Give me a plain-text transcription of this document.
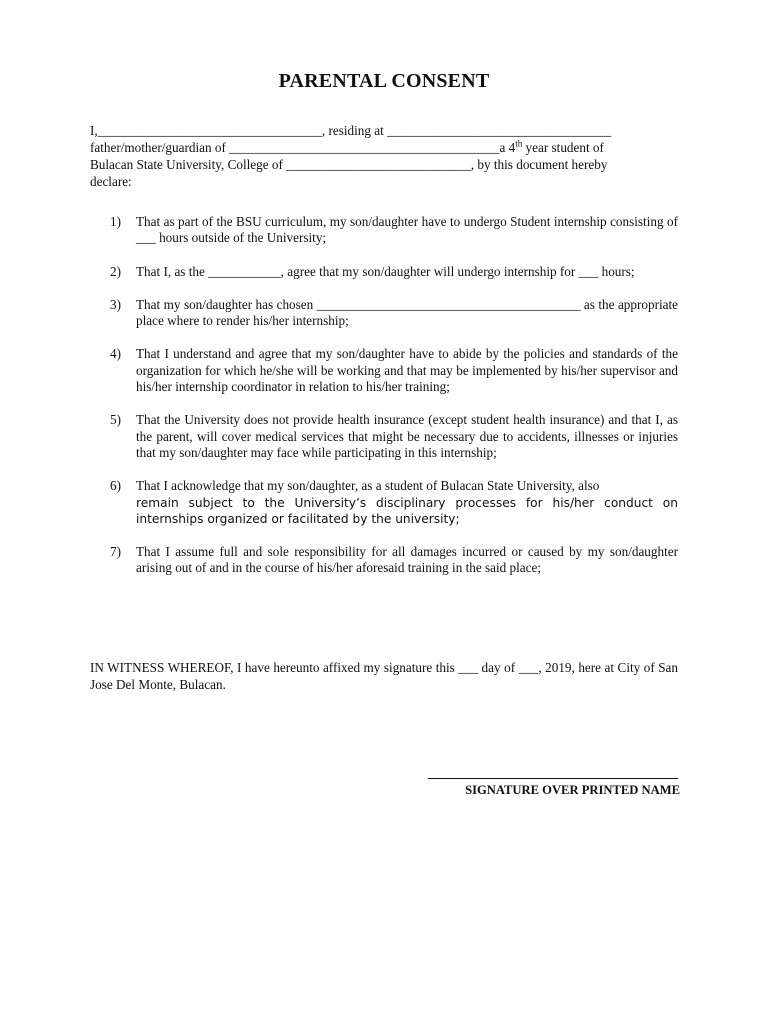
PARENTAL CONSENT
I,__________________________________, residing at __________________________________
father/mother/guardian of _________________________________________a 4th year student of
Bulacan State University, College of ____________________________, by this document hereby
declare:
1) That as part of the BSU curriculum, my son/daughter have to undergo Student internship consisting of ___ hours outside of the University;
2) That I, as the ___________, agree that my son/daughter will undergo internship for ___ hours;
3) That my son/daughter has chosen ________________________________________ as the appropriate place where to render his/her internship;
4) That I understand and agree that my son/daughter have to abide by the policies and standards of the organization for which he/she will be working and that may be implemented by his/her supervisor and his/her internship coordinator in relation to his/her training;
5) That the University does not provide health insurance (except student health insurance) and that I, as the parent, will cover medical services that might be necessary due to accidents, illnesses or injuries that my son/daughter may face while participating in this internship;
6) That I acknowledge that my son/daughter, as a student of Bulacan State University, also
remain subject to the University’s disciplinary processes for his/her conduct on internships organized or facilitated by the university;
7) That I assume full and sole responsibility for all damages incurred or caused by my son/daughter arising out of and in the course of his/her aforesaid training in the said place;
IN WITNESS WHEREOF, I have hereunto affixed my signature this ___ day of ___, 2019, here at City of San Jose Del Monte, Bulacan.
SIGNATURE OVER PRINTED NAME
